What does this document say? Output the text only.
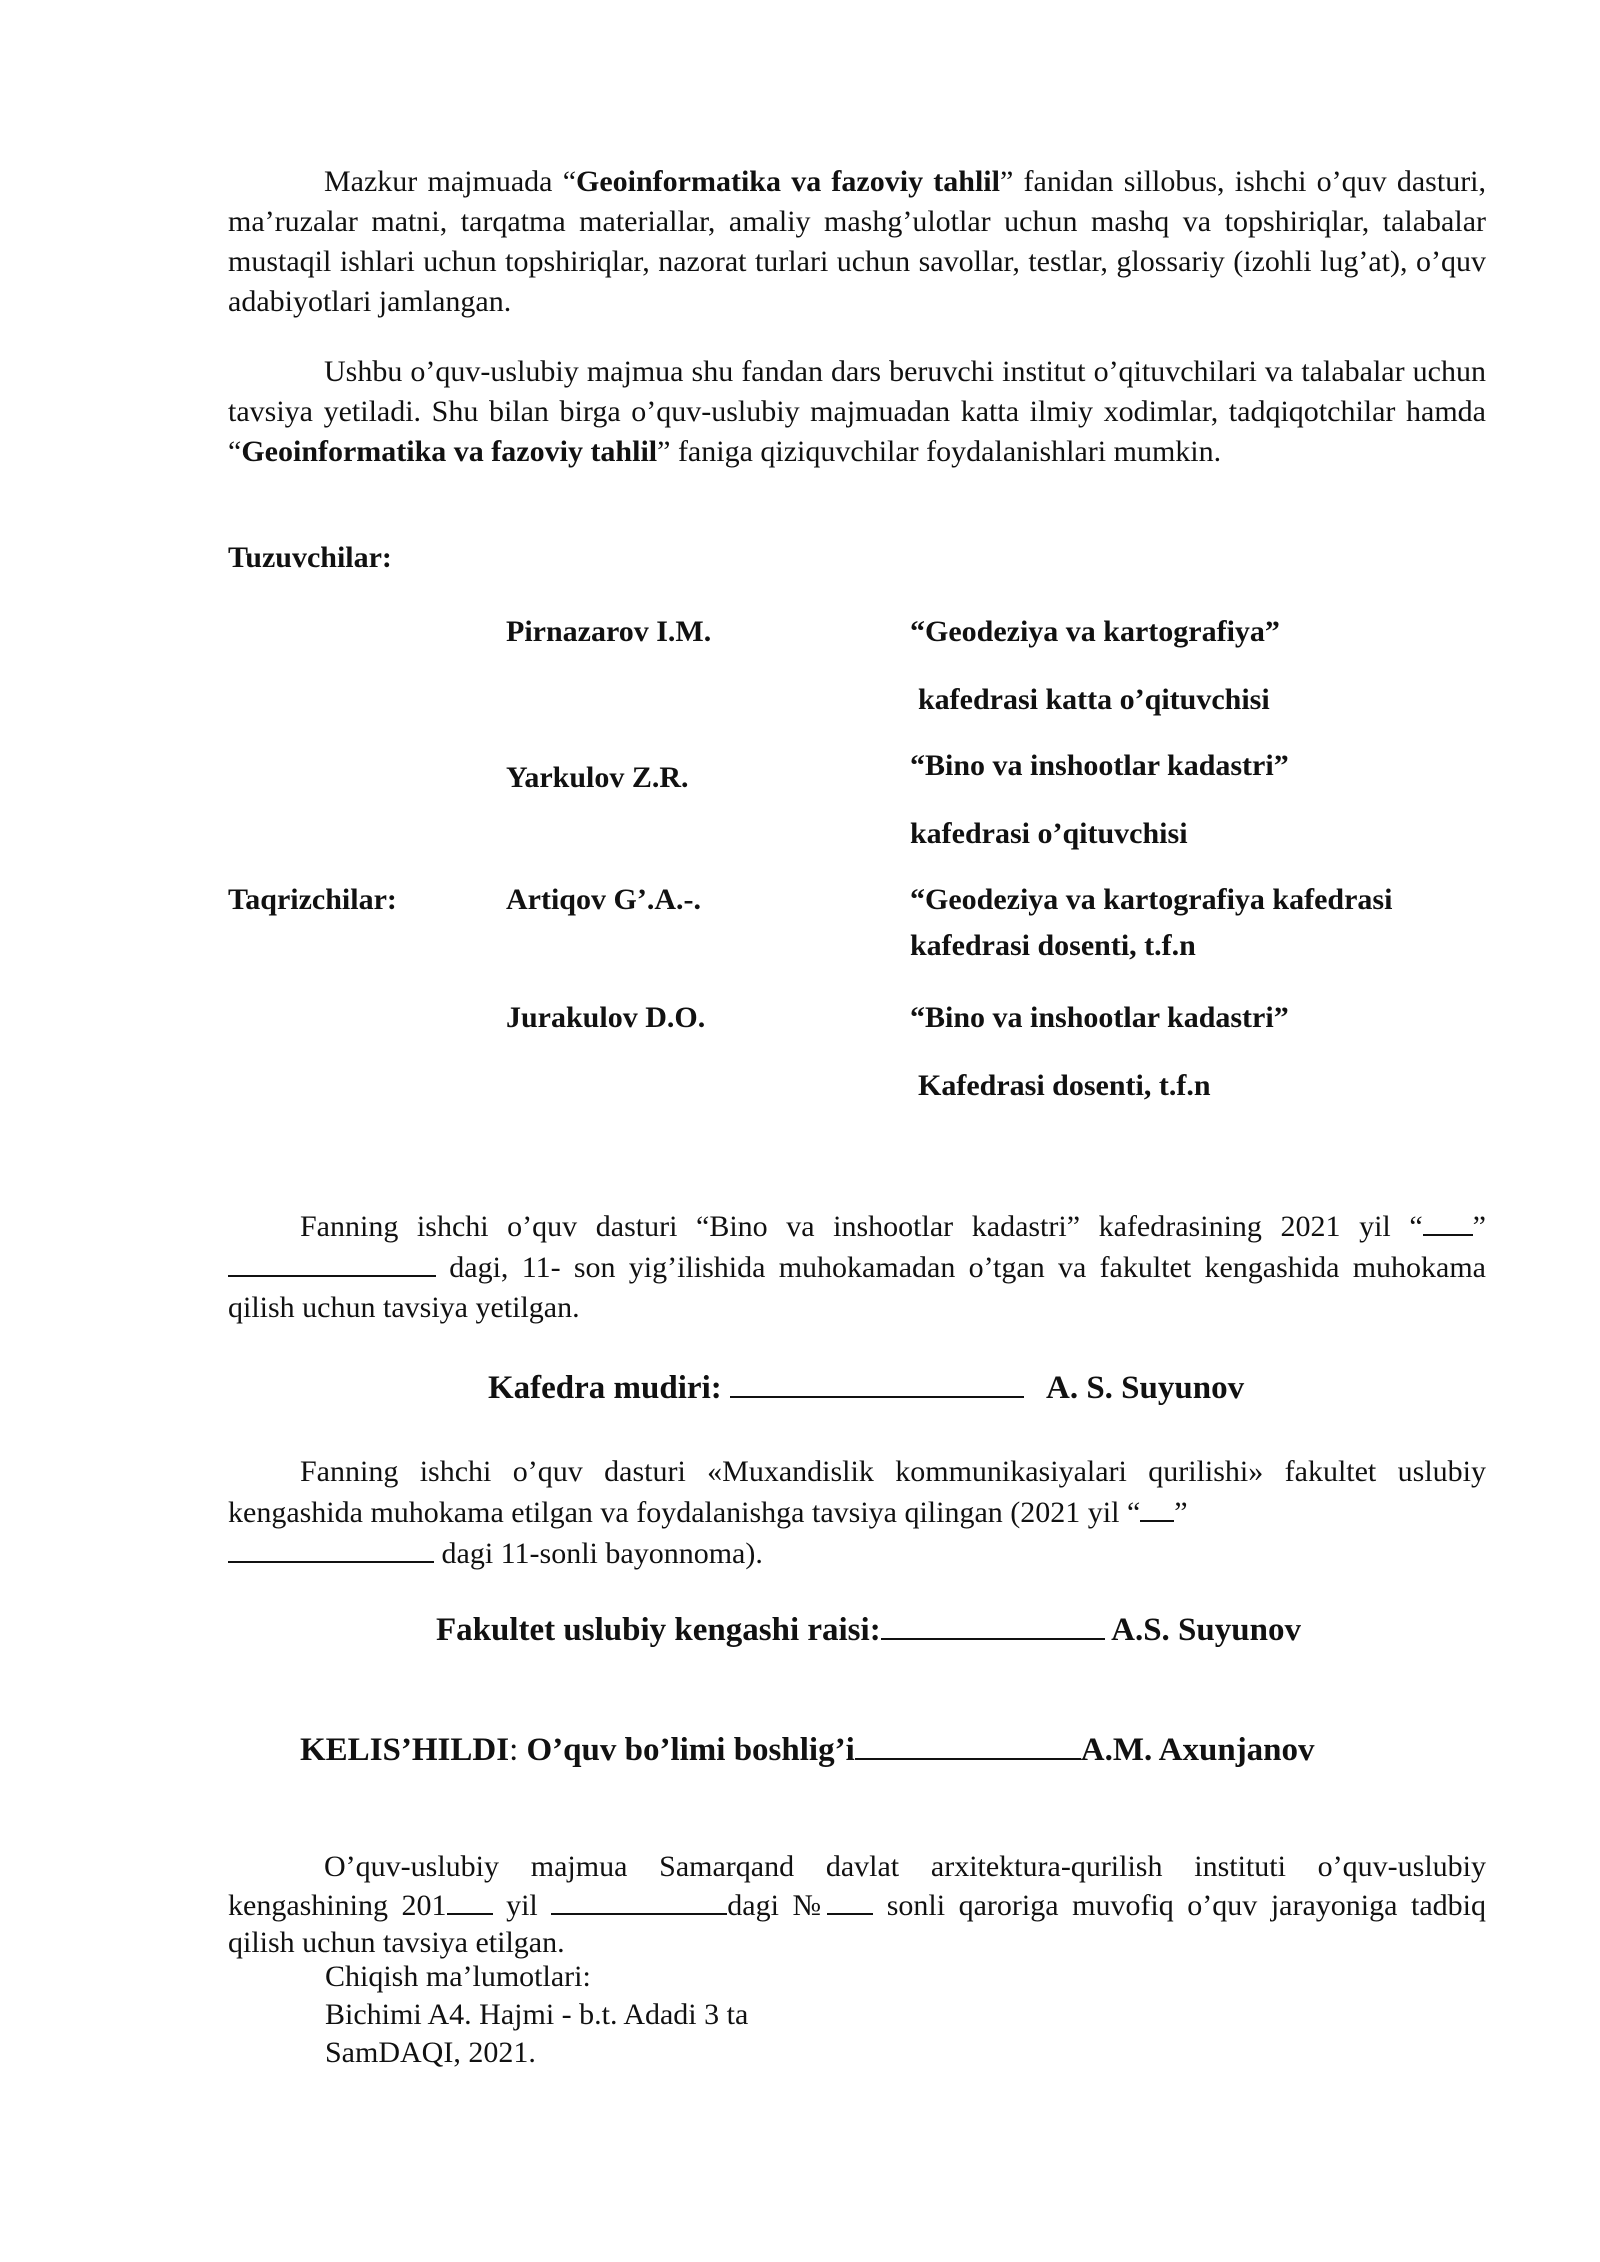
Mazkur majmuada “Geoinformatika va fazoviy tahlil” fanidan sillobus, ishchi o’quv dasturi, ma’ruzalar matni, tarqatma materiallar, amaliy mashg’ulotlar uchun mashq va topshiriqlar, talabalar mustaqil ishlari uchun topshiriqlar, nazorat turlari uchun savollar, testlar, glossariy (izohli lug’at), o’quv adabiyotlari jamlangan.

Ushbu o’quv-uslubiy majmua shu fandan dars beruvchi institut o’qituvchilari va talabalar uchun tavsiya yetiladi. Shu bilan birga o’quv-uslubiy majmuadan katta ilmiy xodimlar, tadqiqotchilar hamda “Geoinformatika va fazoviy tahlil” faniga qiziquvchilar foydalanishlari mumkin.

Tuzuvchilar:
Pirnazarov I.M.	“Geodeziya va kartografiya”
kafedrasi katta o’qituvchisi
Yarkulov Z.R.	“Bino va inshootlar kadastri”
kafedrasi o’qituvchisi
Taqrizchilar:	Artiqov G’.A.-.	“Geodeziya va kartografiya kafedrasi
kafedrasi dosenti, t.f.n
Jurakulov D.O.	“Bino va inshootlar kadastri”
Kafedrasi dosenti, t.f.n

Fanning ishchi o’quv dasturi “Bino va inshootlar kadastri” kafedrasining 2021 yil “ ”  dagi, 11- son yig’ilishida muhokamadan o’tgan va fakultet kengashida muhokama qilish uchun tavsiya yetilgan.

Kafedra mudiri:	A. S. Suyunov

Fanning ishchi o’quv dasturi «Muxandislik kommunikasiyalari qurilishi» fakultet uslubiy kengashida muhokama etilgan va foydalanishga tavsiya qilingan (2021 yil “ ”
dagi 11-sonli bayonnoma).

Fakultet uslubiy kengashi raisi:	A.S. Suyunov
KELIS’HILDI: O’quv bo’limi boshlig’i	A.M. Axunjanov

O’quv-uslubiy majmua Samarqand davlat arxitektura-qurilish instituti o’quv-uslubiy kengashining 201 yil	dagi № sonli qaroriga muvofiq o’quv jarayoniga tadbiq qilish uchun tavsiya etilgan.

Chiqish ma’lumotlari:
Bichimi A4. Hajmi - b.t. Adadi 3 ta
SamDAQI, 2021.
